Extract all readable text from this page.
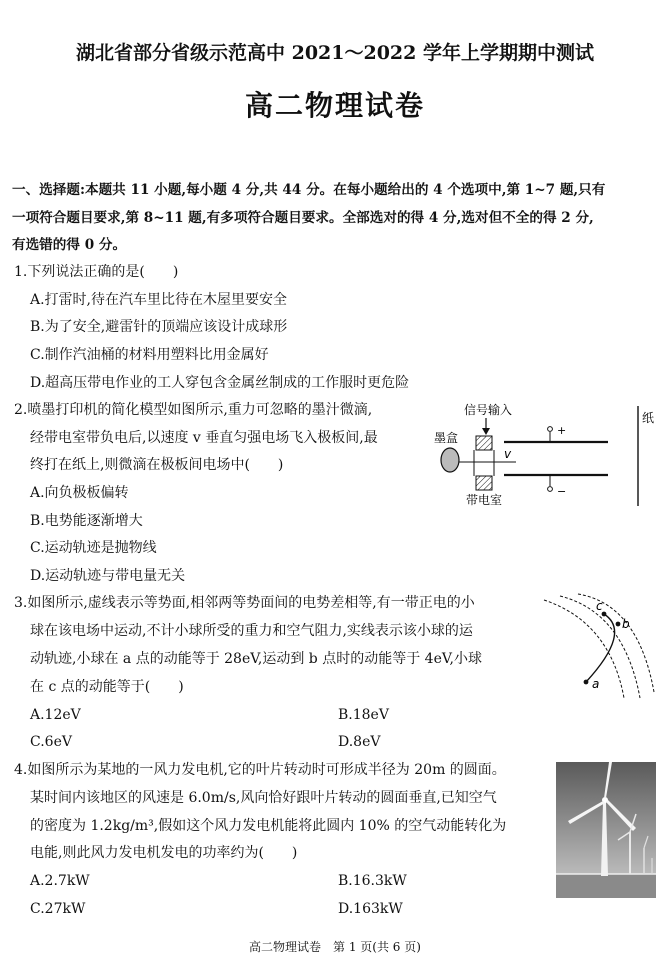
湖北省部分省级示范高中 2021～2022 学年上学期期中测试
高二物理试卷
一、选择题:本题共 11 小题,每小题 4 分,共 44 分。在每小题给出的 4 个选项中,第 1~7 题,只有
一项符合题目要求,第 8~11 题,有多项符合题目要求。全部选对的得 4 分,选对但不全的得 2 分,
有选错的得 0 分。
1.下列说法正确的是(　　)
A.打雷时,待在汽车里比待在木屋里要安全
B.为了安全,避雷针的顶端应该设计成球形
C.制作汽油桶的材料用塑料比用金属好
D.超高压带电作业的工人穿包含金属丝制成的工作服时更危险
2.喷墨打印机的简化模型如图所示,重力可忽略的墨汁微滴,
经带电室带负电后,以速度 v 垂直匀强电场飞入极板间,最
终打在纸上,则微滴在极板间电场中(　　)
A.向负极板偏转
B.电势能逐渐增大
C.运动轨迹是抛物线
D.运动轨迹与带电量无关
信号输入
墨盒
v
+
−
带电室
纸
3.如图所示,虚线表示等势面,相邻两等势面间的电势差相等,有一带正电的小
球在该电场中运动,不计小球所受的重力和空气阻力,实线表示该小球的运
动轨迹,小球在 a 点的动能等于 28eV,运动到 b 点时的动能等于 4eV,小球
在 c 点的动能等于(　　)
A.12eV	B.18eV
C.6eV	D.8eV
a
b
c
4.如图所示为某地的一风力发电机,它的叶片转动时可形成半径为 20m 的圆面。
某时间内该地区的风速是 6.0m/s,风向恰好跟叶片转动的圆面垂直,已知空气
的密度为 1.2kg/m³,假如这个风力发电机能将此圆内 10% 的空气动能转化为
电能,则此风力发电机发电的功率约为(　　)
A.2.7kW	B.16.3kW
C.27kW	D.163kW
高二物理试卷　第 1 页(共 6 页)
